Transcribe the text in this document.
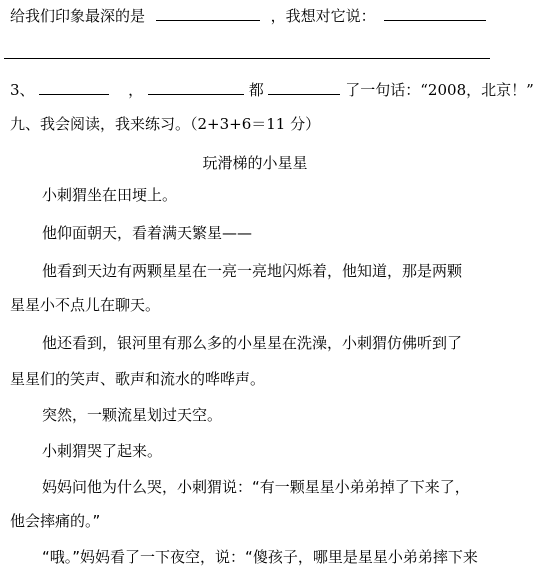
给我们印象最深的是	，我想对它说：
3、	，	都	了一句话：“2008，北京！”
九、我会阅读，我来练习。（2+3+6＝11 分）
玩滑梯的小星星
小刺猬坐在田埂上。
他仰面朝天，看着满天繁星——
他看到天边有两颗星星在一亮一亮地闪烁着，他知道，那是两颗
星星小不点儿在聊天。
他还看到，银河里有那么多的小星星在洗澡，小刺猬仿佛听到了
星星们的笑声、歌声和流水的哗哗声。
突然，一颗流星划过天空。
小刺猬哭了起来。
妈妈问他为什么哭，小刺猬说：“有一颗星星小弟弟掉了下来了，
他会摔痛的。”
“哦。”妈妈看了一下夜空，说：“傻孩子，哪里是星星小弟弟摔下来
